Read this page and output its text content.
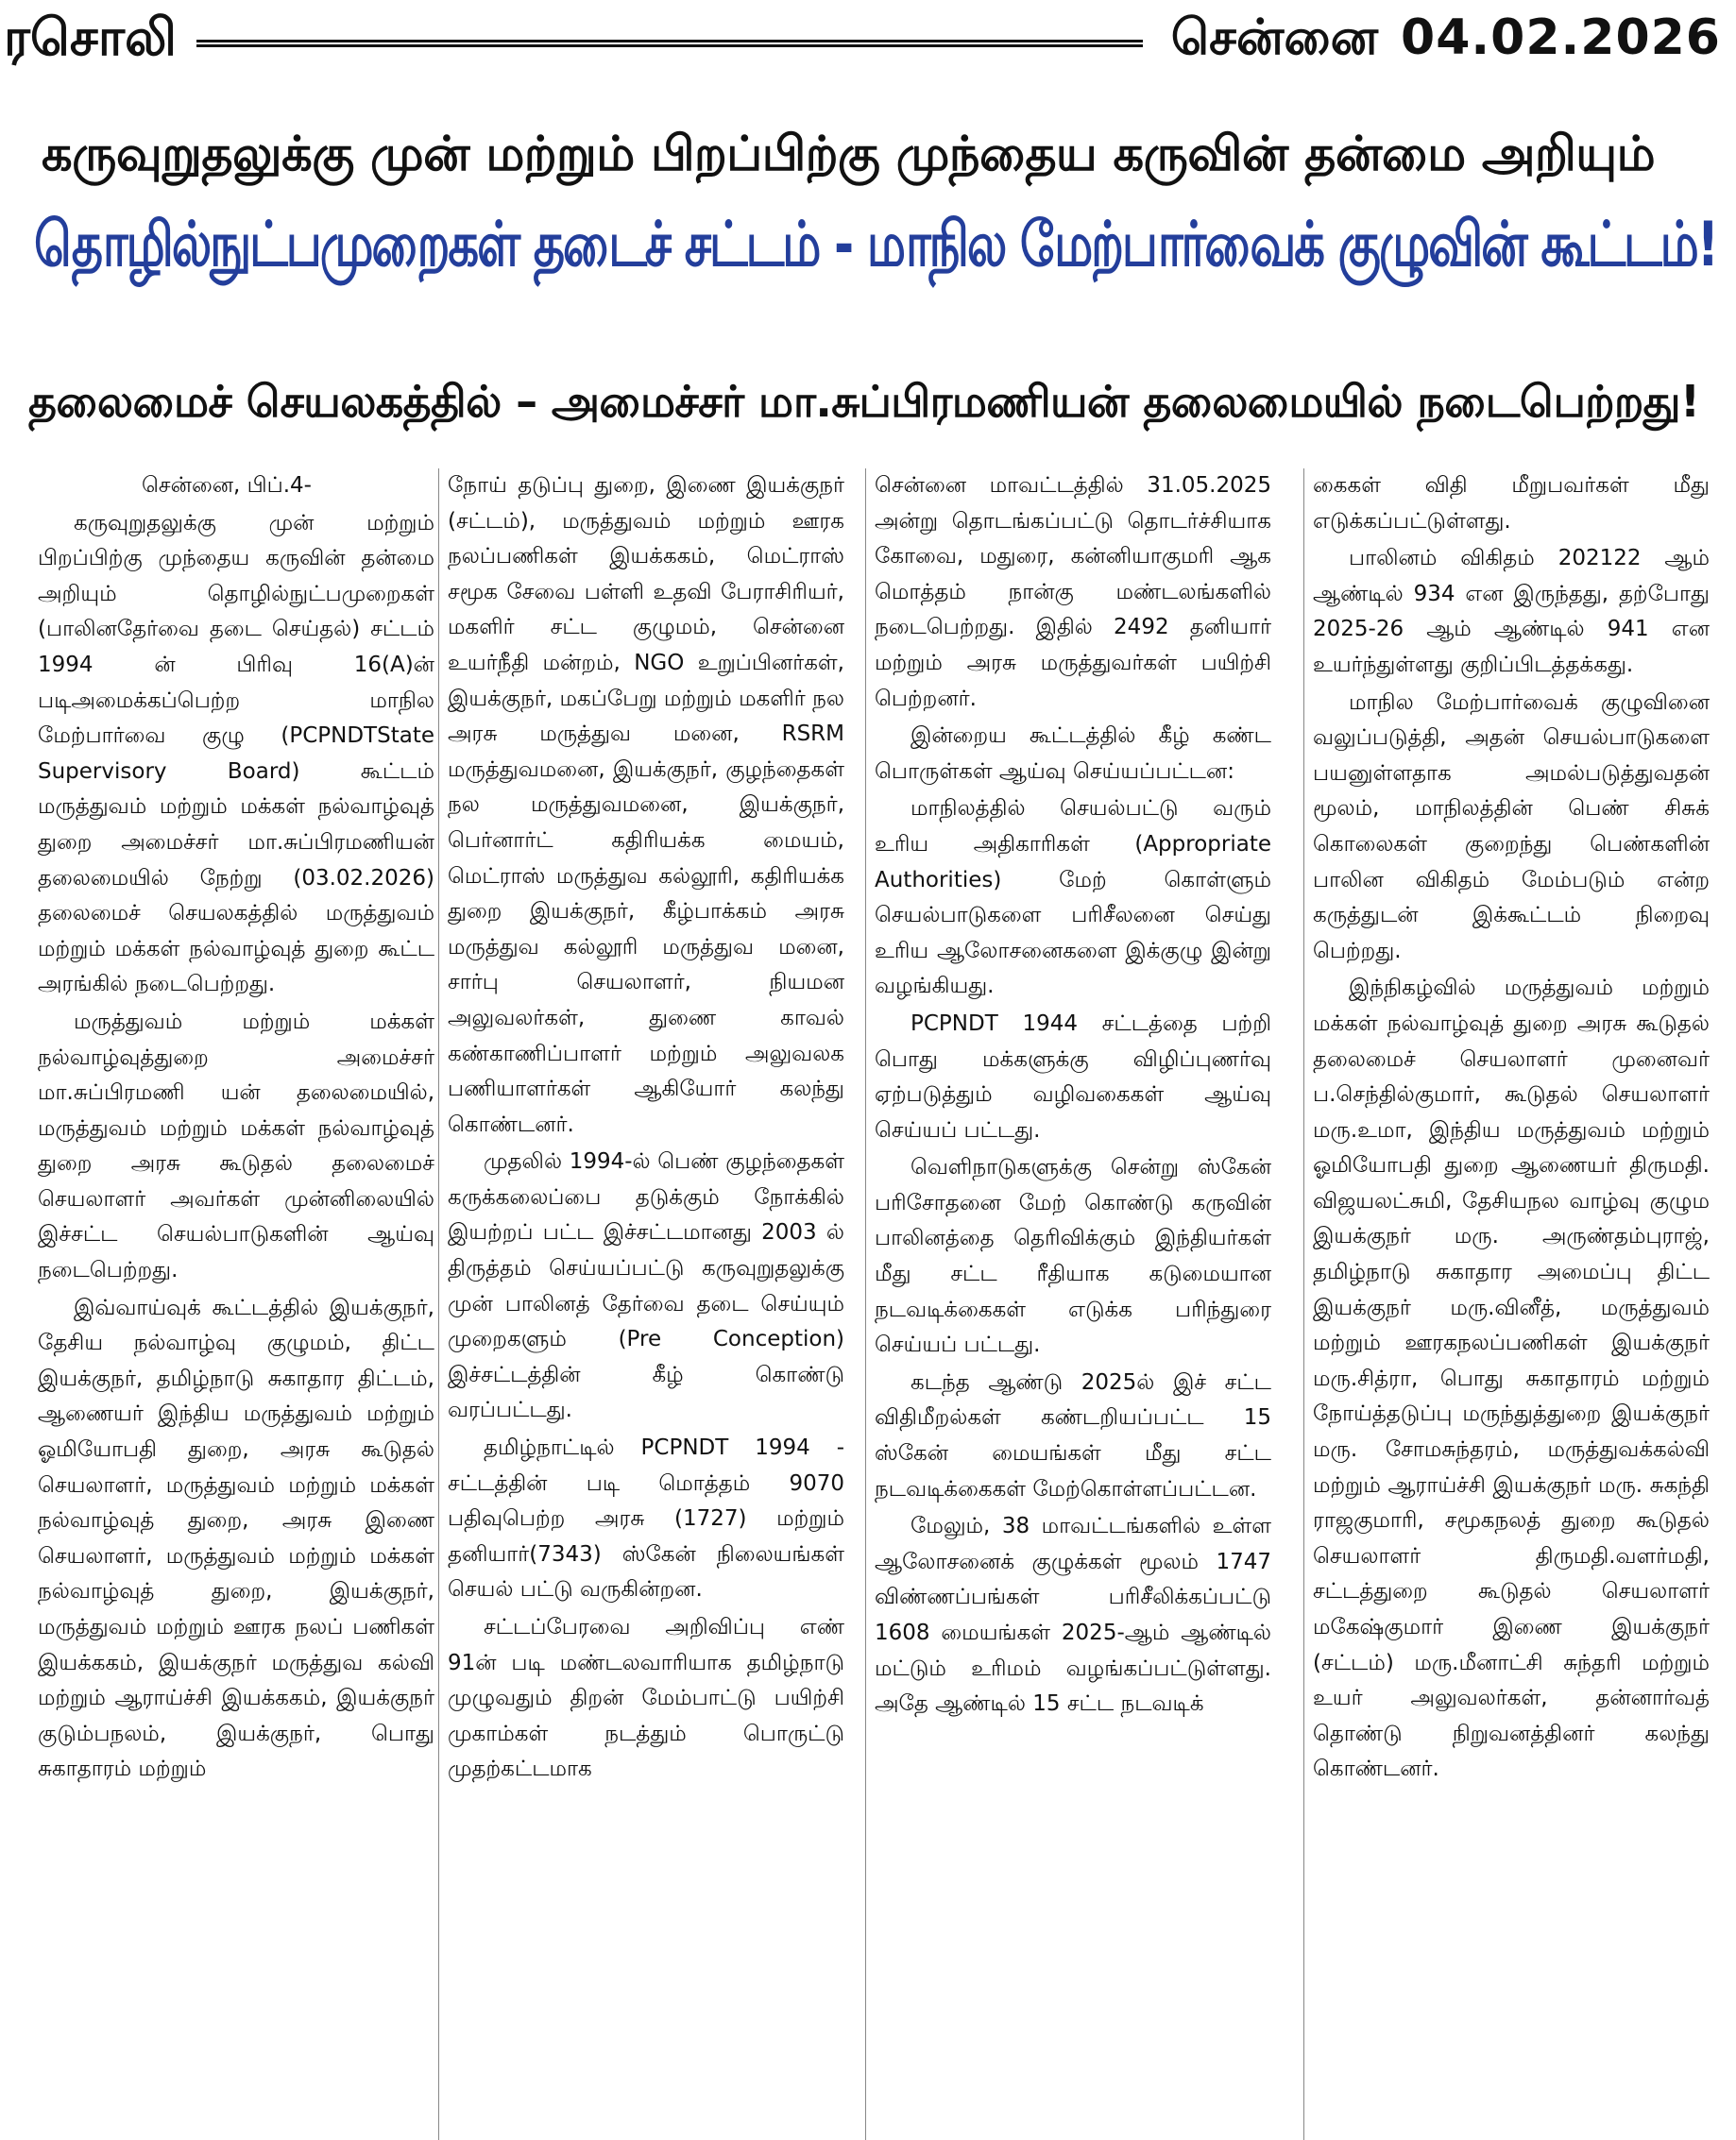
ரசொலி	சென்னை 04.02.2026
கருவுறுதலுக்கு முன் மற்றும் பிறப்பிற்கு முந்தைய கருவின் தன்மை அறியும்
தொழில்நுட்பமுறைகள் தடைச் சட்டம் - மாநில மேற்பார்வைக் குழுவின் கூட்டம்!
தலைமைச் செயலகத்தில் – அமைச்சர் மா.சுப்பிரமணியன் தலைமையில் நடைபெற்றது!

சென்னை, பிப்.4-

கருவுறுதலுக்கு முன் மற்றும் பிறப்பிற்கு முந்தைய கருவின் தன்மை அறியும் தொழில்நுட்பமுறைகள் (பாலினதேர்வை தடை செய்தல்) சட்டம் 1994 ன் பிரிவு 16(A)ன் படிஅமைக்கப்பெற்ற மாநில மேற்பார்வை குழு (PCPNDTState Supervisory Board) கூட்டம் மருத்துவம் மற்றும் மக்கள் நல்வாழ்வுத் துறை அமைச்சர் மா.சுப்பிரமணியன் தலைமையில் நேற்று (03.02.2026) தலைமைச் செயலகத்தில் மருத்துவம் மற்றும் மக்கள் நல்வாழ்வுத் துறை கூட்ட அரங்கில் நடைபெற்றது.

மருத்துவம் மற்றும் மக்கள் நல்வாழ்வுத்துறை அமைச்சர் மா.சுப்பிரமணி யன் தலைமையில், மருத்துவம் மற்றும் மக்கள் நல்வாழ்வுத் துறை அரசு கூடுதல் தலைமைச் செயலாளர் அவர்கள் முன்னிலையில் இச்சட்ட செயல்பாடுகளின் ஆய்வு நடைபெற்றது.

இவ்வாய்வுக் கூட்டத்தில் இயக்குநர், தேசிய நல்வாழ்வு குழுமம், திட்ட இயக்குநர், தமிழ்நாடு சுகாதார திட்டம், ஆணையர் இந்திய மருத்துவம் மற்றும் ஓமியோபதி துறை, அரசு கூடுதல் செயலாளர், மருத்துவம் மற்றும் மக்கள் நல்வாழ்வுத் துறை, அரசு இணை செயலாளர், மருத்துவம் மற்றும் மக்கள் நல்வாழ்வுத் துறை, இயக்குநர், மருத்துவம் மற்றும் ஊரக நலப் பணிகள் இயக்ககம், இயக்குநர் மருத்துவ கல்வி மற்றும் ஆராய்ச்சி இயக்ககம், இயக்குநர் குடும்பநலம், இயக்குநர், பொது சுகாதாரம் மற்றும்

நோய் தடுப்பு துறை, இணை இயக்குநர் (சட்டம்), மருத்துவம் மற்றும் ஊரக நலப்பணிகள் இயக்ககம், மெட்ராஸ் சமூக சேவை பள்ளி உதவி பேராசிரியர், மகளிர் சட்ட குழுமம், சென்னை உயர்நீதி மன்றம், NGO உறுப்பினர்கள், இயக்குநர், மகப்பேறு மற்றும் மகளிர் நல அரசு மருத்துவ மனை, RSRM மருத்துவமனை, இயக்குநர், குழந்தைகள் நல மருத்துவமனை, இயக்குநர், பெர்னார்ட் கதிரியக்க மையம், மெட்ராஸ் மருத்துவ கல்லூரி, கதிரியக்க துறை இயக்குநர், கீழ்பாக்கம் அரசு மருத்துவ கல்லூரி மருத்துவ மனை, சார்பு செயலாளர், நியமன அலுவலர்கள், துணை காவல் கண்காணிப்பாளர் மற்றும் அலுவலக பணியாளர்கள் ஆகியோர் கலந்து கொண்டனர்.

முதலில் 1994-ல் பெண் குழந்தைகள் கருக்கலைப்பை தடுக்கும் நோக்கில் இயற்றப் பட்ட இச்சட்டமானது 2003 ல் திருத்தம் செய்யப்பட்டு கருவுறுதலுக்கு முன் பாலினத் தேர்வை தடை செய்யும் முறைகளும் (Pre Conception) இச்சட்டத்தின் கீழ் கொண்டு வரப்பட்டது.

தமிழ்நாட்டில் PCPNDT 1994 - சட்டத்தின் படி மொத்தம் 9070 பதிவுபெற்ற அரசு (1727) மற்றும் தனியார்(7343) ஸ்கேன் நிலையங்கள் செயல் பட்டு வருகின்றன.

சட்டப்பேரவை அறிவிப்பு எண் 91ன் படி மண்டலவாரியாக தமிழ்நாடு முழுவதும் திறன் மேம்பாட்டு பயிற்சி முகாம்கள் நடத்தும் பொருட்டு முதற்கட்டமாக

சென்னை மாவட்டத்தில் 31.05.2025 அன்று தொடங்கப்பட்டு தொடர்ச்சியாக கோவை, மதுரை, கன்னியாகுமரி ஆக மொத்தம் நான்கு மண்டலங்களில் நடைபெற்றது. இதில் 2492 தனியார் மற்றும் அரசு மருத்துவர்கள் பயிற்சி பெற்றனர்.

இன்றைய கூட்டத்தில் கீழ் கண்ட பொருள்கள் ஆய்வு செய்யப்பட்டன:

மாநிலத்தில் செயல்பட்டு வரும் உரிய அதிகாரிகள் (Appropriate Authorities) மேற் கொள்ளும் செயல்பாடுகளை பரிசீலனை செய்து உரிய ஆலோசனைகளை இக்குழு இன்று வழங்கியது.

PCPNDT 1944 சட்டத்தை பற்றி பொது மக்களுக்கு விழிப்புணர்வு ஏற்படுத்தும் வழிவகைகள் ஆய்வு செய்யப் பட்டது.

வெளிநாடுகளுக்கு சென்று ஸ்கேன் பரிசோதனை மேற் கொண்டு கருவின் பாலினத்தை தெரிவிக்கும் இந்தியர்கள் மீது சட்ட ரீதியாக கடுமையான நடவடிக்கைகள் எடுக்க பரிந்துரை செய்யப் பட்டது.

கடந்த ஆண்டு 2025ல் இச் சட்ட விதிமீறல்கள் கண்டறியப்பட்ட 15 ஸ்கேன் மையங்கள் மீது சட்ட நடவடிக்கைகள் மேற்கொள்ளப்பட்டன.

மேலும், 38 மாவட்டங்களில் உள்ள ஆலோசனைக் குழுக்கள் மூலம் 1747 விண்ணப்பங்கள் பரிசீலிக்கப்பட்டு 1608 மையங்கள் 2025-ஆம் ஆண்டில் மட்டும் உரிமம் வழங்கப்பட்டுள்ளது. அதே ஆண்டில் 15 சட்ட நடவடிக்

கைகள் விதி மீறுபவர்கள் மீது எடுக்கப்பட்டுள்ளது.

பாலினம் விகிதம் 202122 ஆம் ஆண்டில் 934 என இருந்தது, தற்போது 2025-26 ஆம் ஆண்டில் 941 என உயர்ந்துள்ளது குறிப்பிடத்தக்கது.

மாநில மேற்பார்வைக் குழுவினை வலுப்படுத்தி, அதன் செயல்பாடுகளை பயனுள்ளதாக அமல்படுத்துவதன் மூலம், மாநிலத்தின் பெண் சிசுக் கொலைகள் குறைந்து பெண்களின் பாலின விகிதம் மேம்படும் என்ற கருத்துடன் இக்கூட்டம் நிறைவு பெற்றது.

இந்நிகழ்வில் மருத்துவம் மற்றும் மக்கள் நல்வாழ்வுத் துறை அரசு கூடுதல் தலைமைச் செயலாளர் முனைவர் ப.செந்தில்குமார், கூடுதல் செயலாளர் மரு.உமா, இந்திய மருத்துவம் மற்றும் ஓமியோபதி துறை ஆணையர் திருமதி. விஜயலட்சுமி, தேசியநல வாழ்வு குழும இயக்குநர் மரு. அருண்தம்புராஜ், தமிழ்நாடு சுகாதார அமைப்பு திட்ட இயக்குநர் மரு.வினீத், மருத்துவம் மற்றும் ஊரகநலப்பணிகள் இயக்குநர் மரு.சித்ரா, பொது சுகாதாரம் மற்றும் நோய்த்தடுப்பு மருந்துத்துறை இயக்குநர் மரு. சோமசுந்தரம், மருத்துவக்கல்வி மற்றும் ஆராய்ச்சி இயக்குநர் மரு. சுகந்தி ராஜகுமாரி, சமூகநலத் துறை கூடுதல் செயலாளர் திருமதி.வளர்மதி, சட்டத்துறை கூடுதல் செயலாளர் மகேஷ்குமார் இணை இயக்குநர் (சட்டம்) மரு.மீனாட்சி சுந்தரி மற்றும் உயர் அலுவலர்கள், தன்னார்வத் தொண்டு நிறுவனத்தினர் கலந்து கொண்டனர்.
